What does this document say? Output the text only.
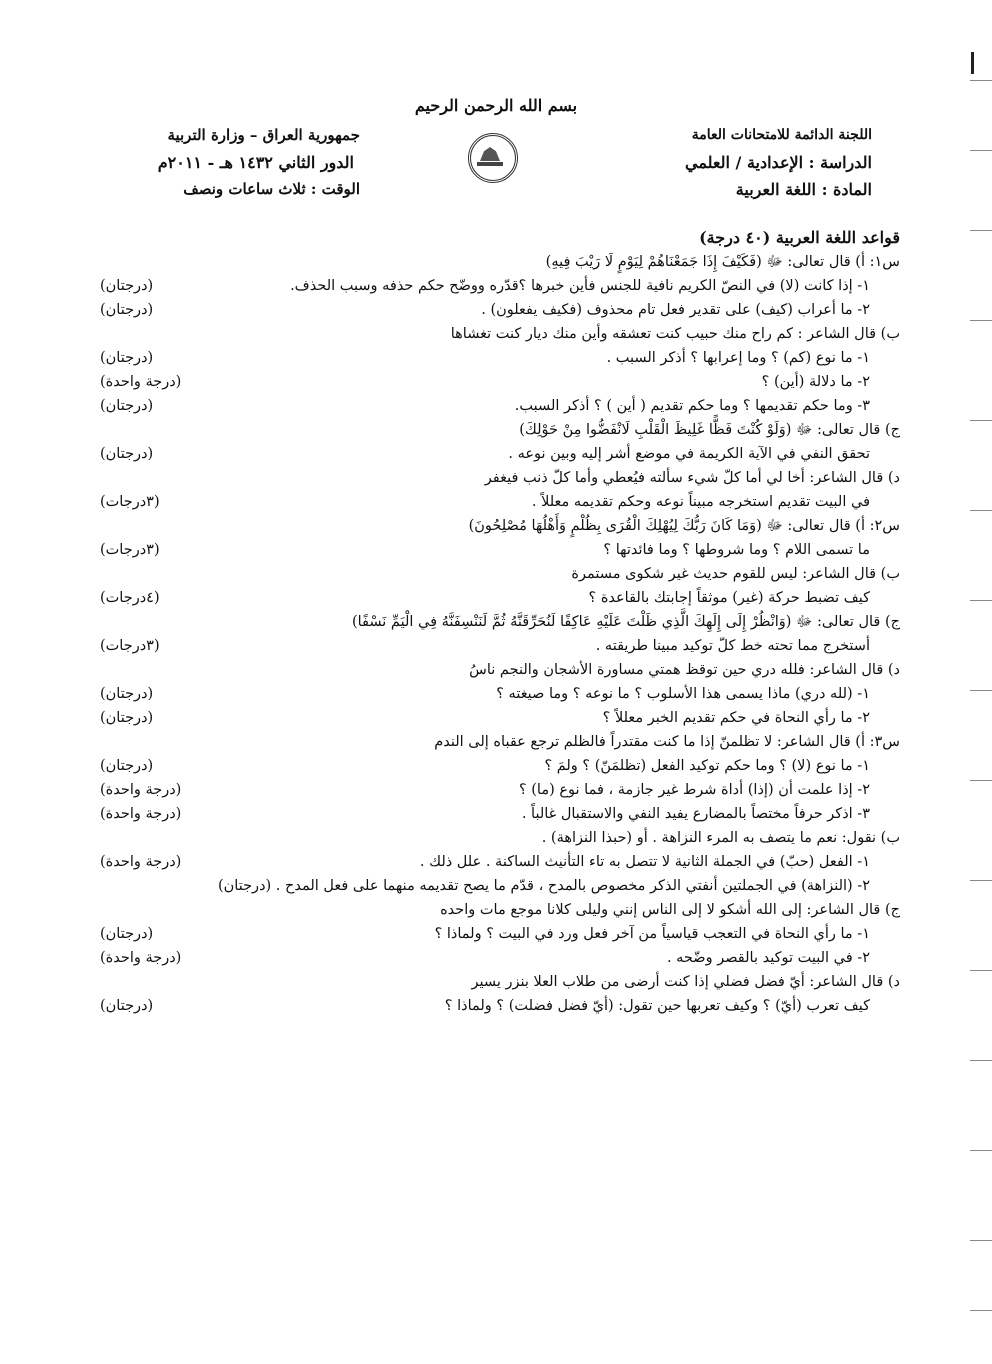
بسم الله الرحمن الرحيم
اللجنة الدائمة للامتحانات العامة
الدراسة : الإعدادية / العلمي
المادة : اللغة العربية
جمهورية العراق – وزارة التربية
الدور الثاني ١٤٣٢ هـ - ٢٠١١م
الوقت : ثلاث ساعات ونصف
قواعد اللغة العربية (٤٠ درجة)
س١: أ) قال تعالى: ﷻ (فَكَيْفَ إِذَا جَمَعْنَاهُمْ لِيَوْمٍ لَا رَيْبَ فِيهِ)
١- إذا كانت (لا) في النصّ الكريم نافية للجنس فأين خبرها ؟قدّره ووضّح حكم حذفه وسبب الحذف.
(درجتان)
٢- ما أعراب (كيف) على تقدير فعل تام محذوف (فكيف يفعلون) .
(درجتان)
ب) قال الشاعر : كم راح منك حبيب كنت تعشقه وأين منك ديار كنت تغشاها
١- ما نوع (كم) ؟ وما إعرابها ؟ أذكر السبب .
(درجتان)
٢- ما دلالة (أين) ؟
(درجة واحدة)
٣- وما حكم تقديمها ؟ وما حكم تقديم ( أين ) ؟ أذكر السبب.
(درجتان)
ج) قال تعالى: ﷻ (وَلَوْ كُنْتَ فَظًّا غَلِيظَ الْقَلْبِ لَانْفَضُّوا مِنْ حَوْلِكَ)
تحقق النفي في الآية الكريمة في موضع أشر إليه وبين نوعه .
(درجتان)
د) قال الشاعر: أخا لي أما كلّ شيء سألته فيُعطي وأما كلّ ذنب فيغفر
في البيت تقديم استخرجه مبيناً نوعه وحكم تقديمه معللاً .
(٣درجات)
س٢: أ) قال تعالى: ﷻ (وَمَا كَانَ رَبُّكَ لِيُهْلِكَ الْقُرَى بِظُلْمٍ وَأَهْلُهَا مُصْلِحُونَ)
ما تسمى اللام ؟ وما شروطها ؟ وما فائدتها ؟
(٣درجات)
ب) قال الشاعر: ليس للقوم حديث غير شكوى مستمرة
كيف تضبط حركة (غير) موثقاً إجابتك بالقاعدة ؟
(٤درجات)
ج) قال تعالى: ﷻ (وَانْظُرْ إِلَى إِلَهِكَ الَّذِي ظَلْتَ عَلَيْهِ عَاكِفًا لَنُحَرِّقَنَّهُ ثُمَّ لَنَنْسِفَنَّهُ فِي الْيَمِّ نَسْفًا)
أستخرج مما تحته خط كلّ توكيد مبينا طريقته .
(٣درجات)
د) قال الشاعر: فلله دري حين توقظ همتي مساورة الأشجان والنجم ناسُ
١- (لله دري) ماذا يسمى هذا الأسلوب ؟ ما نوعه ؟ وما صيغته ؟
(درجتان)
٢- ما رأي النحاة في حكم تقديم الخبر معللاً ؟
(درجتان)
س٣: أ) قال الشاعر: لا تظلمنّ إذا ما كنت مقتدراً فالظلم ترجع عقباه إلى الندم
١- ما نوع (لا) ؟ وما حكم توكيد الفعل (تظلمَنّ) ؟ ولمَ ؟
(درجتان)
٢- إذا علمت أن (إذا) أداة شرط غير جازمة ، فما نوع (ما) ؟
(درجة واحدة)
٣- اذكر حرفاً مختصاً بالمضارع يفيد النفي والاستقبال غالباً .
(درجة واحدة)
ب) نقول: نعم ما يتصف به المرء النزاهة . أو (حبذا النزاهة) .
١- الفعل (حبّ) في الجملة الثانية لا تتصل به تاء التأنيث الساكنة . علل ذلك .
(درجة واحدة)
٢- (النزاهة) في الجملتين أنفتي الذكر مخصوص بالمدح ، قدّم ما يصح تقديمه منهما على فعل المدح . (درجتان)
ج) قال الشاعر: إلى الله أشكو لا إلى الناس إنني وليلى كلانا موجع مات واحده
١- ما رأي النحاة في التعجب قياسياً من آخر فعل ورد في البيت ؟ ولماذا ؟
(درجتان)
٢- في البيت توكيد بالقصر وضّحه .
(درجة واحدة)
د) قال الشاعر: أيّ فضل فضلي إذا كنت أرضى من طلاب العلا بنزر يسير
كيف تعرب (أيّ) ؟ وكيف تعربها حين تقول: (أيّ فضل فضلت) ؟ ولماذا ؟
(درجتان)
